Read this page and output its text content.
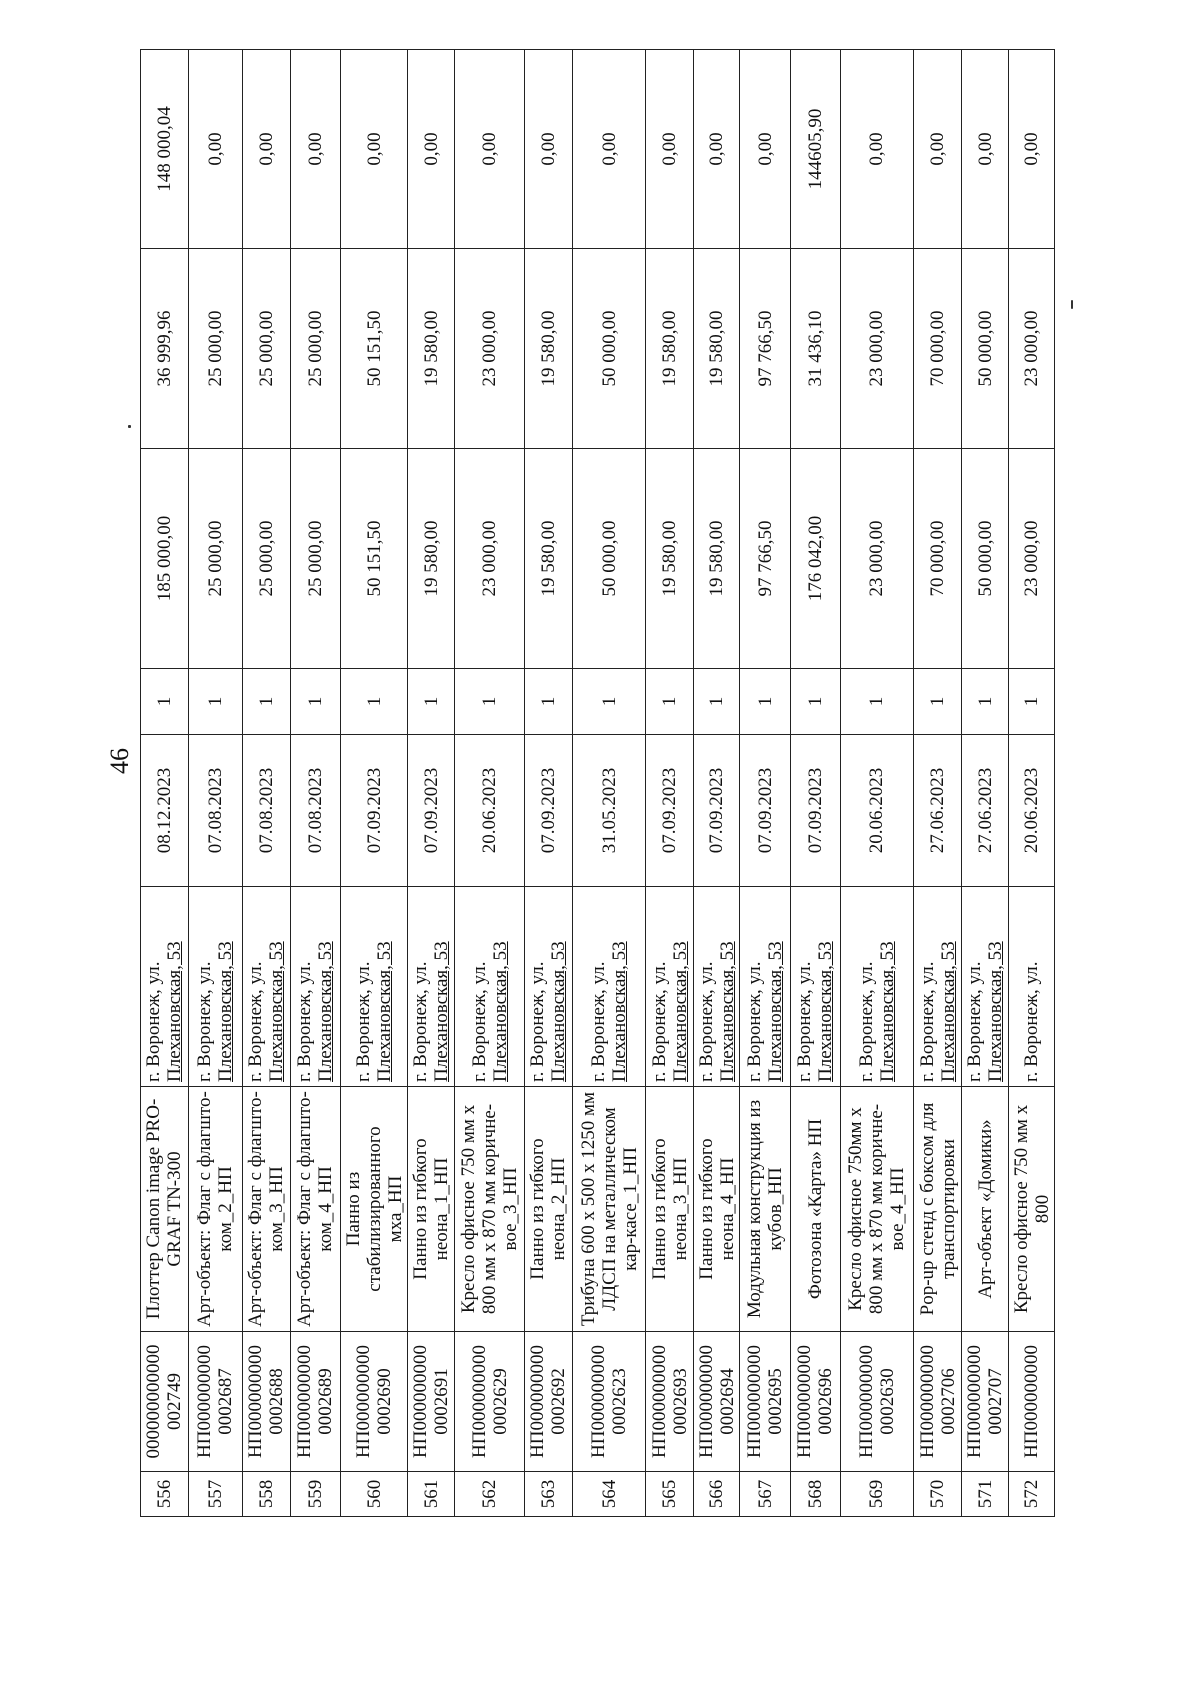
46
556	000000000000 002749	Плоттер Canon image PRO-GRAF TN-300	г. Воронеж, ул. Плехановская, 53	08.12.2023	1	185 000,00	36 999,96	148 000,04
557	НП000000000 0002687	Арт-объект: Флаг с флагшто-ком_2_НП	г. Воронеж, ул. Плехановская, 53	07.08.2023	1	25 000,00	25 000,00	0,00
558	НП000000000 0002688	Арт-объект: Флаг с флагшто-ком_3_НП	г. Воронеж, ул. Плехановская, 53	07.08.2023	1	25 000,00	25 000,00	0,00
559	НП000000000 0002689	Арт-объект: Флаг с флагшто-ком_4_НП	г. Воронеж, ул. Плехановская, 53	07.08.2023	1	25 000,00	25 000,00	0,00
560	НП000000000 0002690	Панно из стабилизированного мха_НП	г. Воронеж, ул. Плехановская, 53	07.09.2023	1	50 151,50	50 151,50	0,00
561	НП000000000 0002691	Панно из гибкого неона_1_НП	г. Воронеж, ул. Плехановская, 53	07.09.2023	1	19 580,00	19 580,00	0,00
562	НП000000000 0002629	Кресло офисное 750 мм x 800 мм x 870 мм коричне-вое_3_НП	г. Воронеж, ул. Плехановская, 53	20.06.2023	1	23 000,00	23 000,00	0,00
563	НП000000000 0002692	Панно из гибкого неона_2_НП	г. Воронеж, ул. Плехановская, 53	07.09.2023	1	19 580,00	19 580,00	0,00
564	НП000000000 0002623	Трибуна 600 x 500 x 1250 мм ЛДСП на металлическом кар-касе_1_НП	г. Воронеж, ул. Плехановская, 53	31.05.2023	1	50 000,00	50 000,00	0,00
565	НП000000000 0002693	Панно из гибкого неона_3_НП	г. Воронеж, ул. Плехановская, 53	07.09.2023	1	19 580,00	19 580,00	0,00
566	НП000000000 0002694	Панно из гибкого неона_4_НП	г. Воронеж, ул. Плехановская, 53	07.09.2023	1	19 580,00	19 580,00	0,00
567	НП000000000 0002695	Модульная конструкция из кубов_НП	г. Воронеж, ул. Плехановская, 53	07.09.2023	1	97 766,50	97 766,50	0,00
568	НП000000000 0002696	Фотозона «Карта» НП	г. Воронеж, ул. Плехановская, 53	07.09.2023	1	176 042,00	31 436,10	144605,90
569	НП000000000 0002630	Кресло офисное 750мм x 800 мм x 870 мм коричне-вое_4_НП	г. Воронеж, ул. Плехановская, 53	20.06.2023	1	23 000,00	23 000,00	0,00
570	НП000000000 0002706	Pop-up стенд с боксом для транспортировки	г. Воронеж, ул. Плехановская, 53	27.06.2023	1	70 000,00	70 000,00	0,00
571	НП000000000 0002707	Арт-объект «Домики»	г. Воронеж, ул. Плехановская, 53	27.06.2023	1	50 000,00	50 000,00	0,00
572	НП000000000	Кресло офисное 750 мм x 800	г. Воронеж, ул.	20.06.2023	1	23 000,00	23 000,00	0,00
